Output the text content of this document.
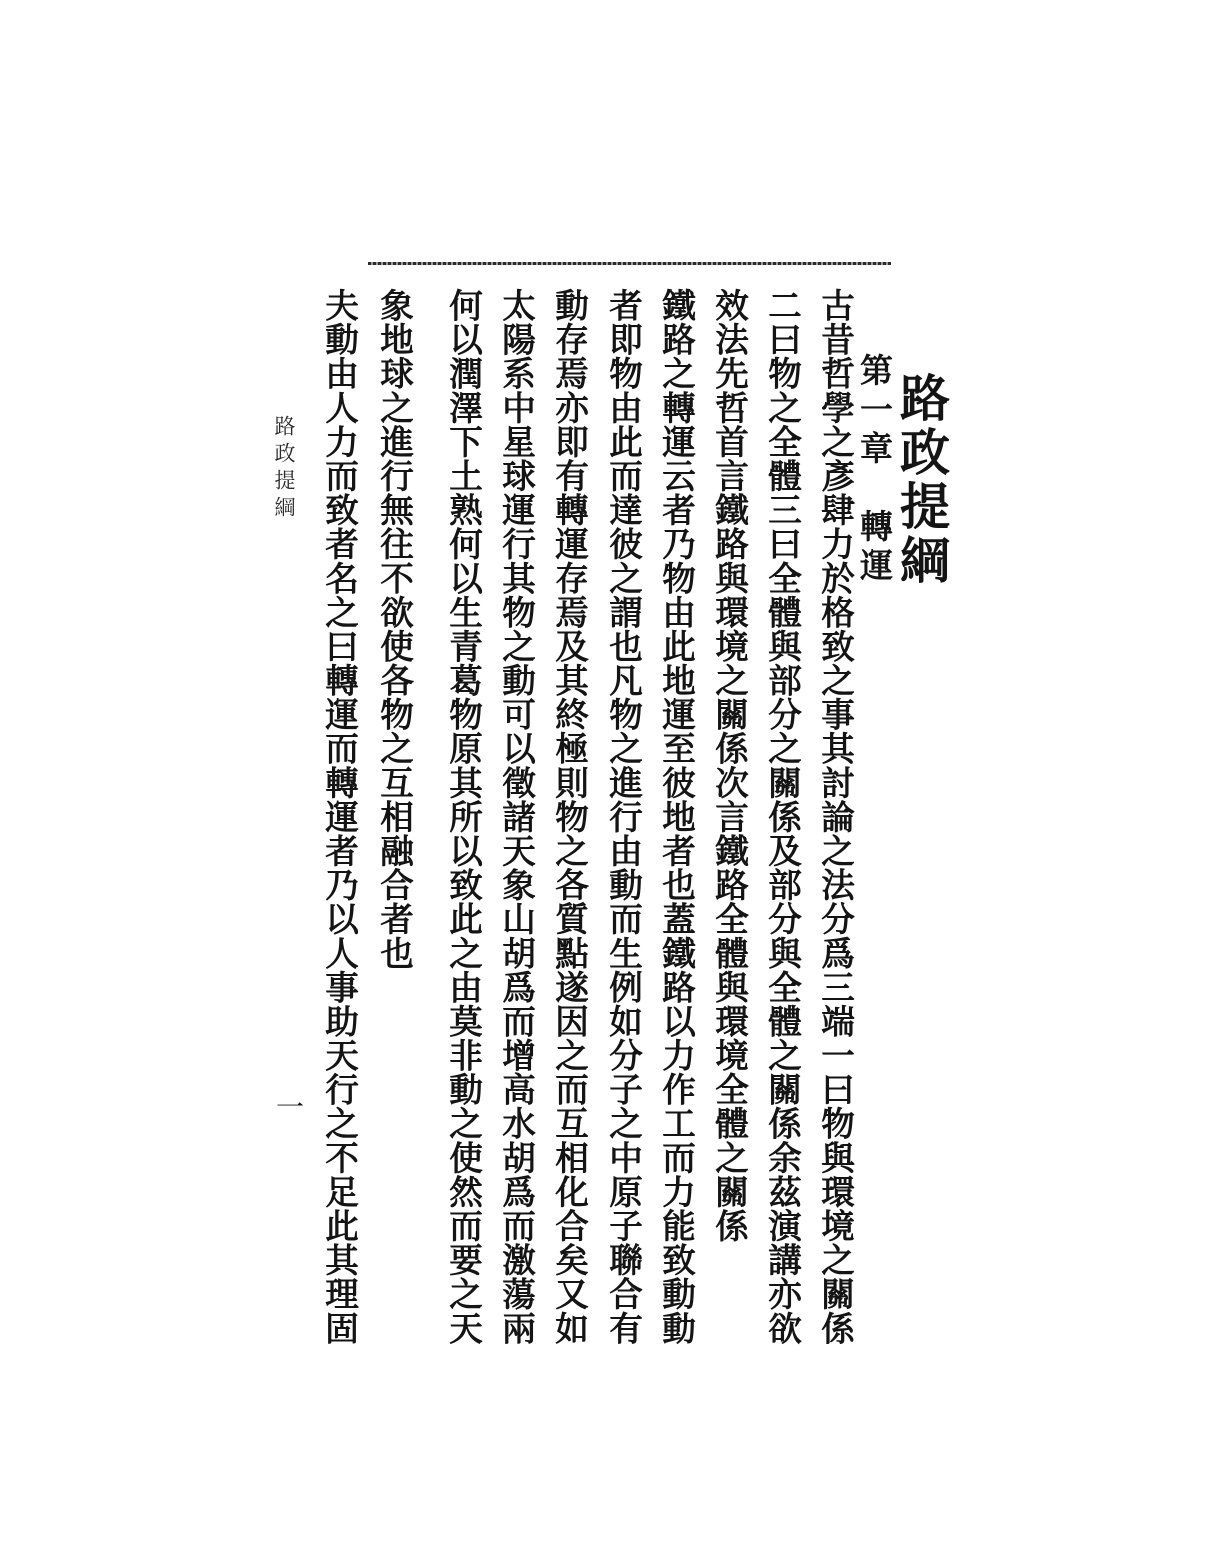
路政提綱
第一章　轉運
古昔哲學之彥肆力於格致之事其討論之法分爲三端一曰物與環境之關係
二曰物之全體三曰全體與部分之關係及部分與全體之關係余茲演講亦欲
效法先哲首言鐵路與環境之關係次言鐵路全體與環境全體之關係
鐵路之轉運云者乃物由此地運至彼地者也蓋鐵路以力作工而力能致動動
者即物由此而達彼之謂也凡物之進行由動而生例如分子之中原子聯合有
動存焉亦即有轉運存焉及其終極則物之各質點遂因之而互相化合矣又如
太陽系中星球運行其物之動可以徵諸天象山胡爲而增高水胡爲而激蕩兩
何以潤澤下土熟何以生青葛物原其所以致此之由莫非動之使然而要之天
象地球之進行無往不欲使各物之互相融合者也
夫動由人力而致者名之曰轉運而轉運者乃以人事助天行之不足此其理固
路政提綱
一
